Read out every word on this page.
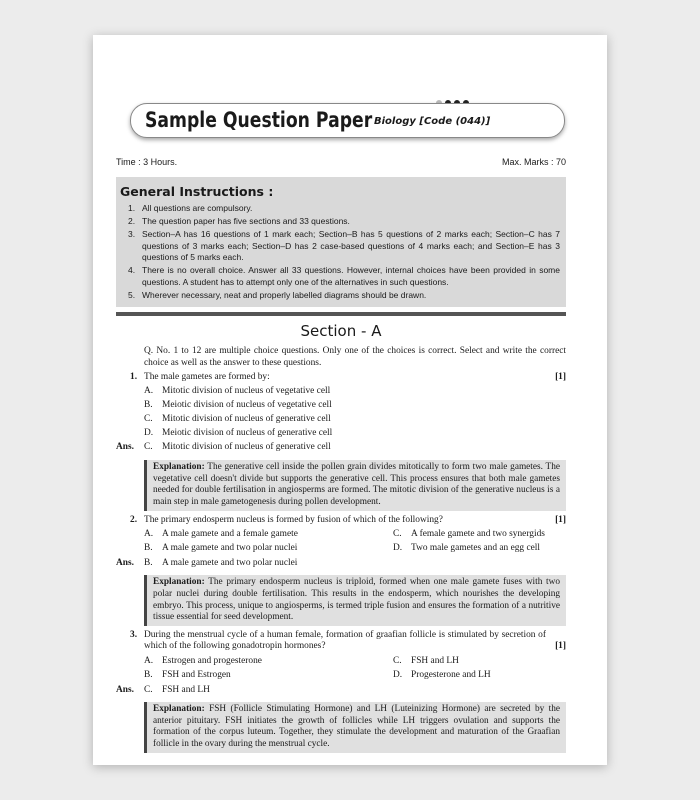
Sample Question Paper Biology [Code (044)]
Time : 3 Hours.	Max. Marks : 70
General Instructions :
1. All questions are compulsory.
2. The question paper has five sections and 33 questions.
3. Section–A has 16 questions of 1 mark each; Section–B has 5 questions of 2 marks each; Section–C has 7 questions of 3 marks each; Section–D has 2 case-based questions of 4 marks each; and Section–E has 3 questions of 5 marks each.
4. There is no overall choice. Answer all 33 questions. However, internal choices have been provided in some questions. A student has to attempt only one of the alternatives in such questions.
5. Wherever necessary, neat and properly labelled diagrams should be drawn.
Section - A
Q. No. 1 to 12 are multiple choice questions. Only one of the choices is correct. Select and write the correct choice as well as the answer to these questions.
1. The male gametes are formed by:	[1]
A. Mitotic division of nucleus of vegetative cell
B. Meiotic division of nucleus of vegetative cell
C. Mitotic division of nucleus of generative cell
D. Meiotic division of nucleus of generative cell
Ans. C. Mitotic division of nucleus of generative cell
Explanation: The generative cell inside the pollen grain divides mitotically to form two male gametes. The vegetative cell doesn't divide but supports the generative cell. This process ensures that both male gametes needed for double fertilisation in angiosperms are formed. The mitotic division of the generative nucleus is a main step in male gametogenesis during pollen development.
2. The primary endosperm nucleus is formed by fusion of which of the following?	[1]
A. A male gamete and a female gamete	C. A female gamete and two synergids
B. A male gamete and two polar nuclei	D. Two male gametes and an egg cell
Ans. B. A male gamete and two polar nuclei
Explanation: The primary endosperm nucleus is triploid, formed when one male gamete fuses with two polar nuclei during double fertilisation. This results in the endosperm, which nourishes the developing embryo. This process, unique to angiosperms, is termed triple fusion and ensures the formation of a nutritive tissue essential for seed development.
3. During the menstrual cycle of a human female, formation of graafian follicle is stimulated by secretion of which of the following gonadotropin hormones?	[1]
A. Estrogen and progesterone	C. FSH and LH
B. FSH and Estrogen	D. Progesterone and LH
Ans. C. FSH and LH
Explanation: FSH (Follicle Stimulating Hormone) and LH (Luteinizing Hormone) are secreted by the anterior pituitary. FSH initiates the growth of follicles while LH triggers ovulation and supports the formation of the corpus luteum. Together, they stimulate the development and maturation of the Graafian follicle in the ovary during the menstrual cycle.
